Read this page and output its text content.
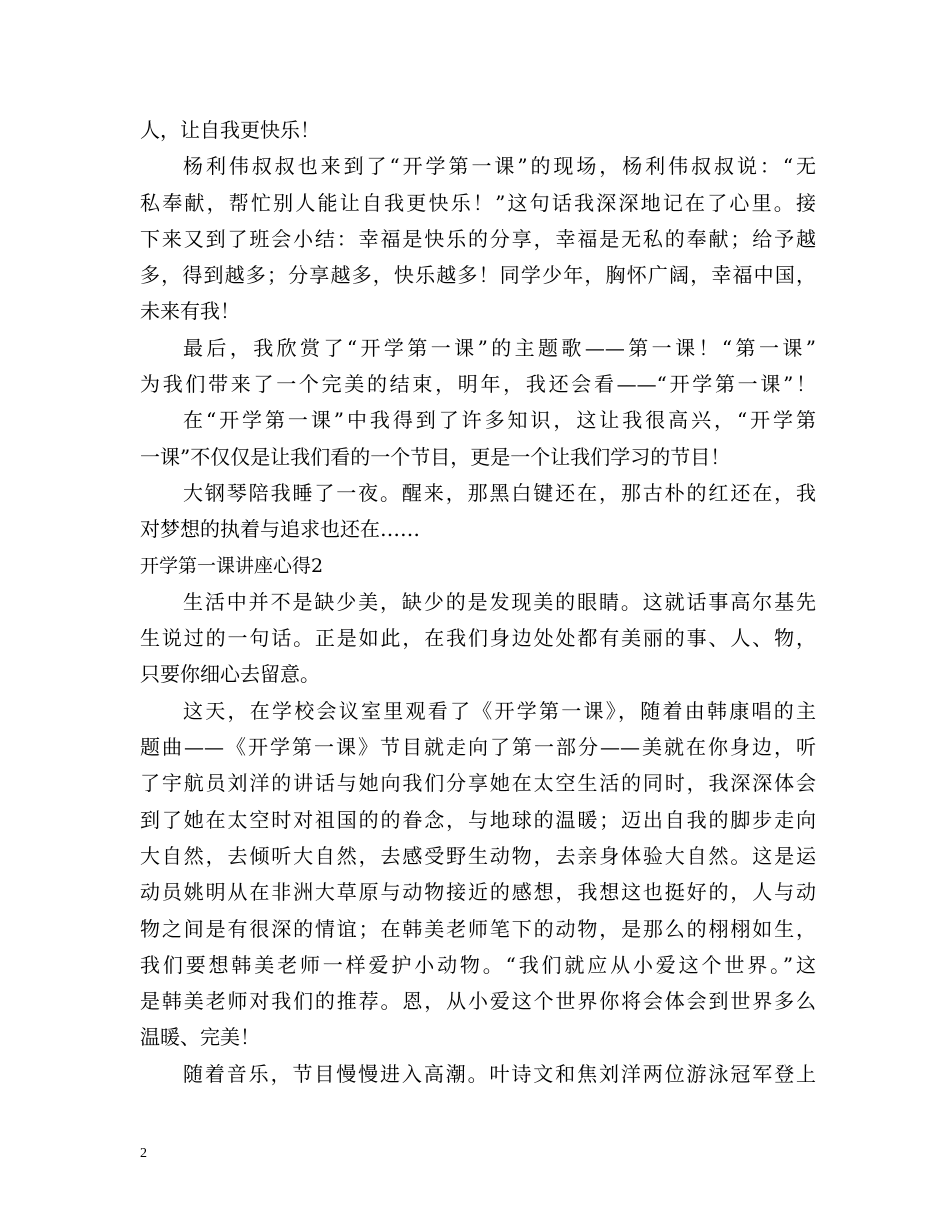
人，让自我更快乐！
杨利伟叔叔也来到了“开学第一课”的现场，杨利伟叔叔说：“无
私奉献，帮忙别人能让自我更快乐！”这句话我深深地记在了心里。接
下来又到了班会小结：幸福是快乐的分享，幸福是无私的奉献；给予越
多，得到越多；分享越多，快乐越多！同学少年，胸怀广阔，幸福中国，
未来有我！
最后，我欣赏了“开学第一课”的主题歌——第一课！“第一课”
为我们带来了一个完美的结束，明年，我还会看——“开学第一课”！
在“开学第一课”中我得到了许多知识，这让我很高兴，“开学第
一课”不仅仅是让我们看的一个节目，更是一个让我们学习的节目！
大钢琴陪我睡了一夜。醒来，那黑白键还在，那古朴的红还在，我
对梦想的执着与追求也还在……
开学第一课讲座心得2
生活中并不是缺少美，缺少的是发现美的眼睛。这就话事高尔基先
生说过的一句话。正是如此，在我们身边处处都有美丽的事、人、物，
只要你细心去留意。
这天，在学校会议室里观看了《开学第一课》，随着由韩康唱的主
题曲——《开学第一课》节目就走向了第一部分——美就在你身边，听
了宇航员刘洋的讲话与她向我们分享她在太空生活的同时，我深深体会
到了她在太空时对祖国的的眷念，与地球的温暖；迈出自我的脚步走向
大自然，去倾听大自然，去感受野生动物，去亲身体验大自然。这是运
动员姚明从在非洲大草原与动物接近的感想，我想这也挺好的，人与动
物之间是有很深的情谊；在韩美老师笔下的动物，是那么的栩栩如生，
我们要想韩美老师一样爱护小动物。“我们就应从小爱这个世界。”这
是韩美老师对我们的推荐。恩，从小爱这个世界你将会体会到世界多么
温暖、完美！
随着音乐，节目慢慢进入高潮。叶诗文和焦刘洋两位游泳冠军登上
2
